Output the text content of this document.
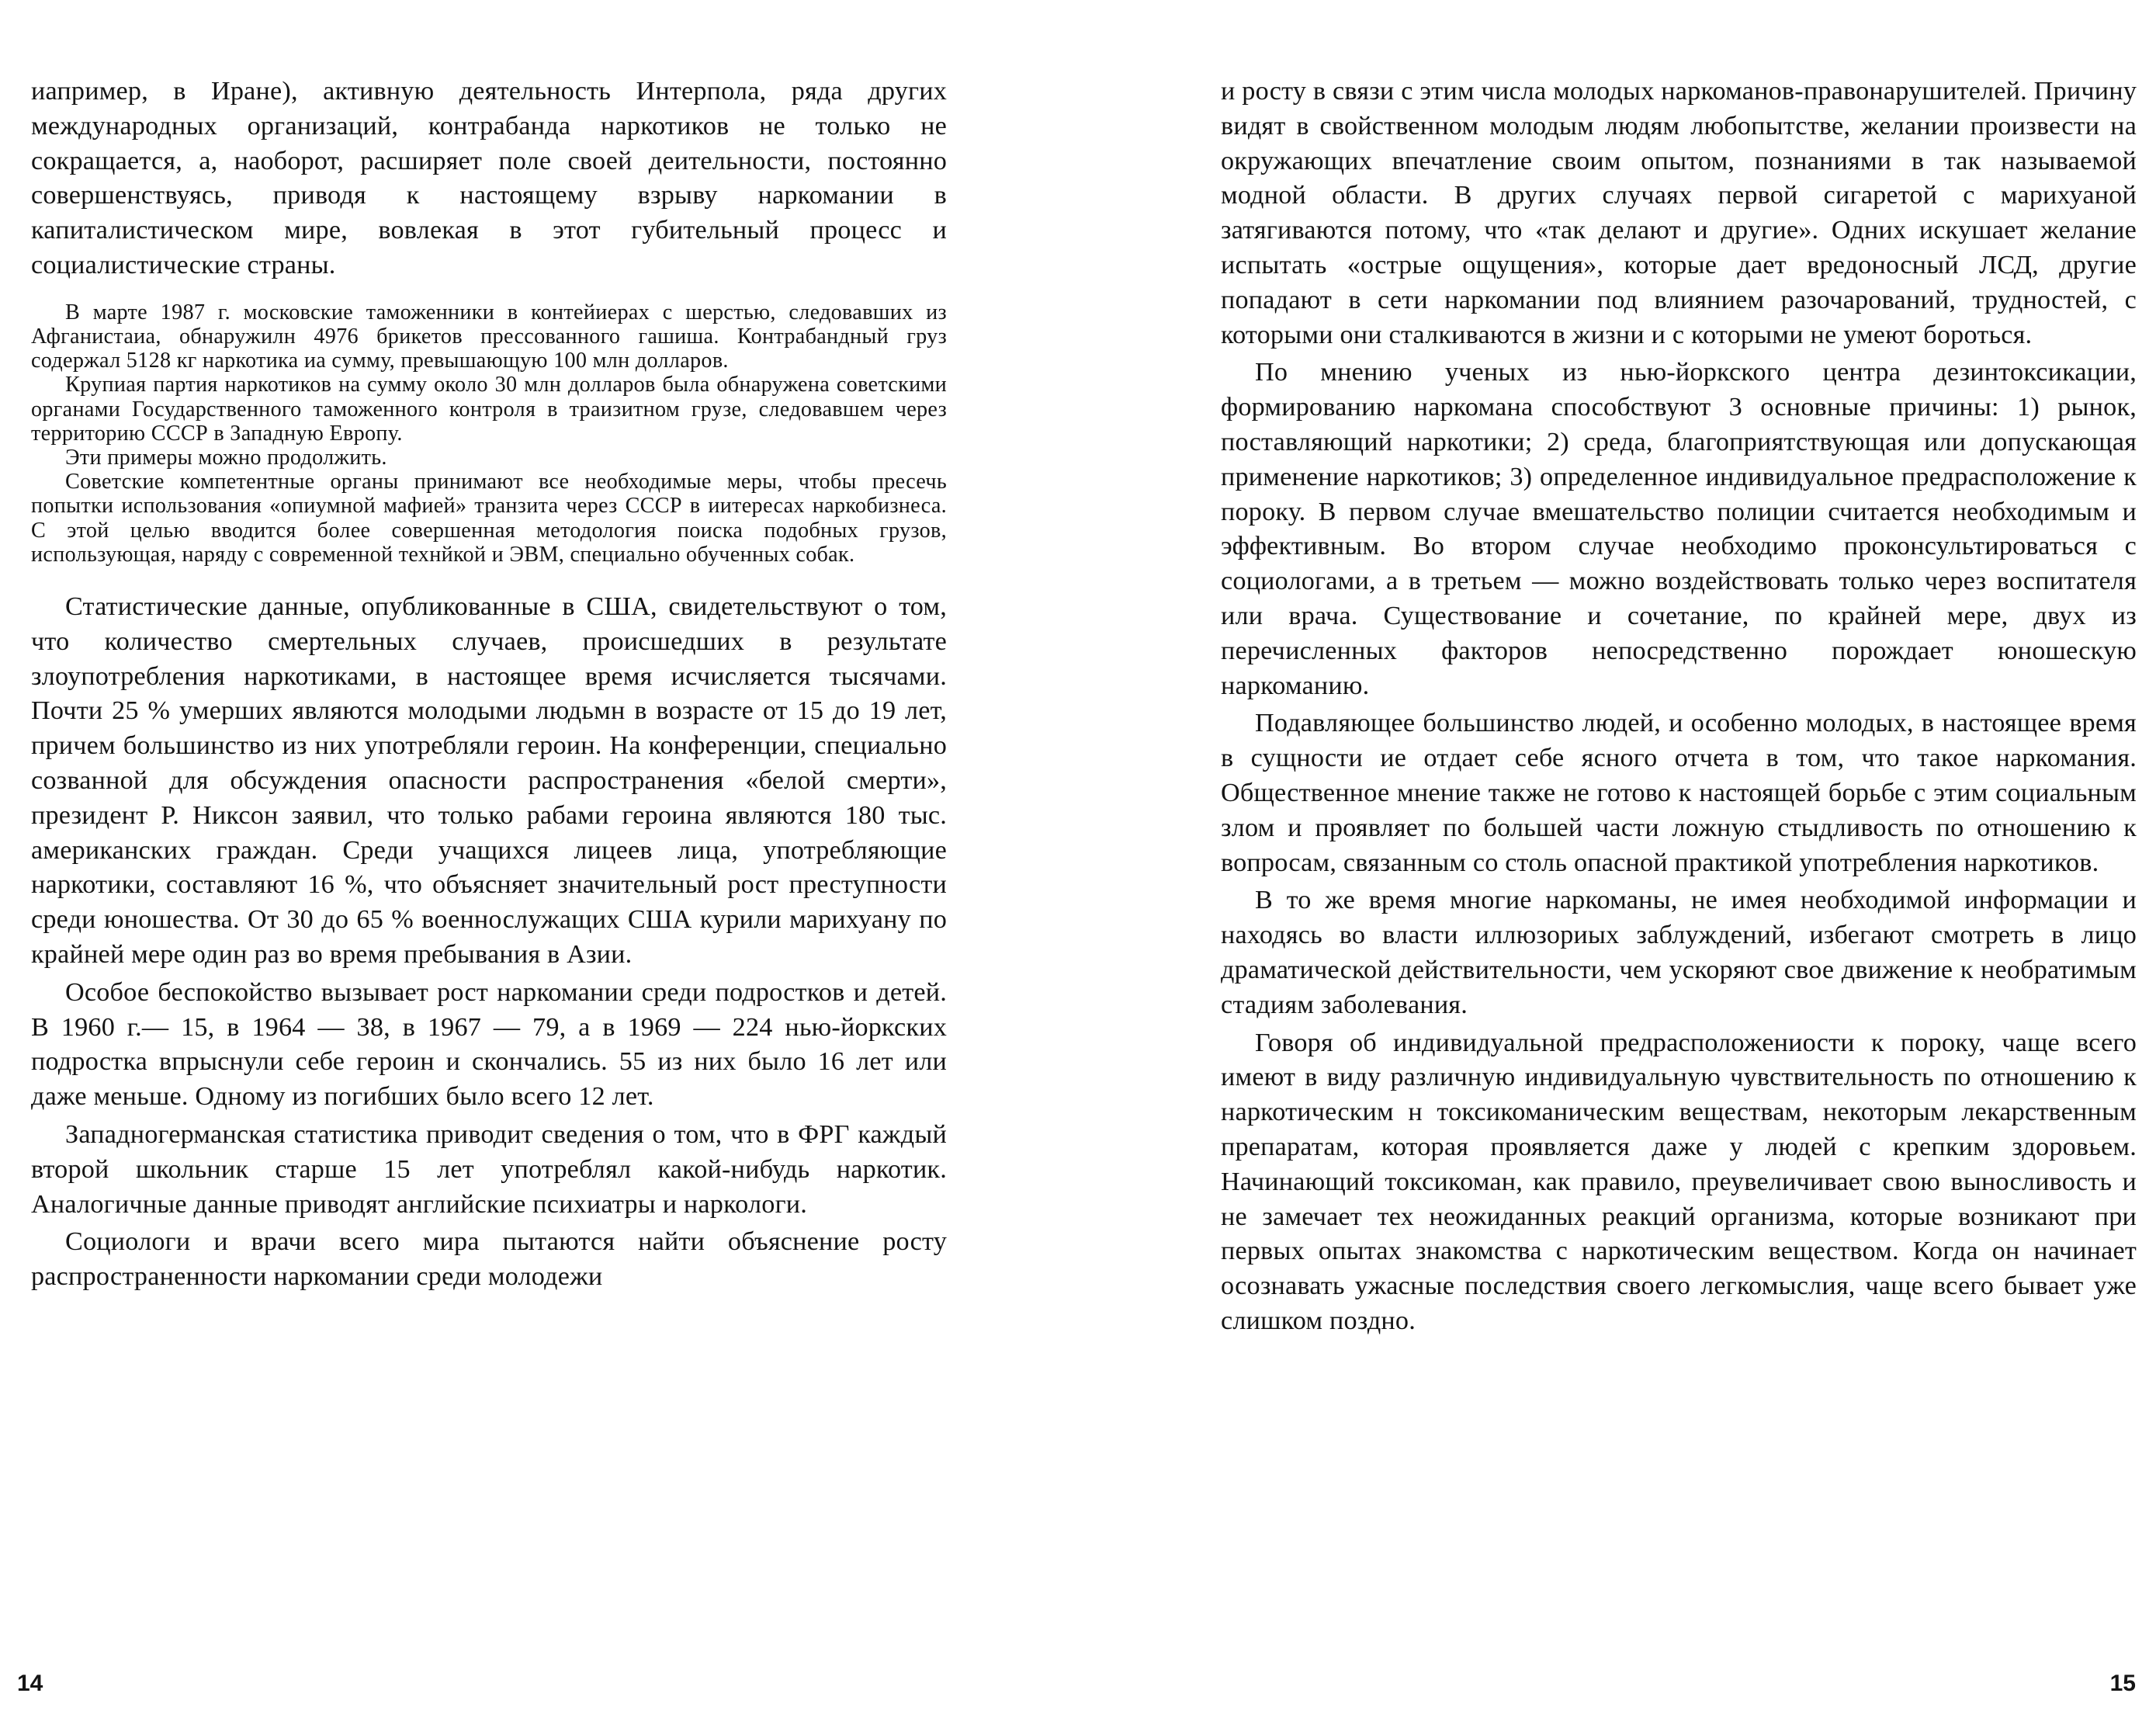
иапример, в Иране), активную деятельность Интерпола, ряда других международных организаций, контрабанда наркотиков не только не сокращается, а, наоборот, расширяет поле своей деительности, постоянно совершенствуясь, приводя к настоящему взрыву наркомании в капиталистическом мире, вовлекая в этот губительный процесс и социалистические страны.

В марте 1987 г. московские таможенники в контейиерах с шерстью, следовавших из Афганистаиа, обнаружилн 4976 брикетов прессованного гашиша. Контрабандный груз содержал 5128 кг наркотика иа сумму, превышающую 100 млн долларов.

Крупиая партия наркотиков на сумму около 30 млн долларов была обнаружена советскими органами Государственного таможенного контроля в траизитном грузе, следовавшем через территорию СССР в Западную Европу.

Эти примеры можно продолжить.

Советские компетентные органы принимают все необходимые меры, чтобы пресечь попытки использования «опиумной мафией» транзита через СССР в иитересах наркобизнеса. С этой целью вводится более совершенная методология поиска подобных грузов, использующая, наряду с современной технйкой и ЭВМ, специально обученных собак.

Статистические данные, опубликованные в США, свидетельствуют о том, что количество смертельных случаев, происшедших в результате злоупотребления наркотиками, в настоящее время исчисляется тысячами. Почти 25 % умерших являются молодыми людьмн в возрасте от 15 до 19 лет, причем большинство из них употребляли героин. На конференции, специально созванной для обсуждения опасности распространения «белой смерти», президент Р. Никсон заявил, что только рабами героина являются 180 тыс. американских граждан. Среди учащихся лицеев лица, употребляющие наркотики, составляют 16 %, что объясняет значительный рост преступности среди юношества. От 30 до 65 % военнослужащих США курили марихуану по крайней мере один раз во время пребывания в Азии.

Особое беспокойство вызывает рост наркомании среди подростков и детей. В 1960 г.— 15, в 1964 — 38, в 1967 — 79, а в 1969 — 224 нью-йоркских подростка впрыснули себе героин и скончались. 55 из них было 16 лет или даже меньше. Одному из погибших было всего 12 лет.

Западногерманская статистика приводит сведения о том, что в ФРГ каждый второй школьник старше 15 лет употреблял какой-нибудь наркотик. Аналогичные данные приводят английские психиатры и наркологи.

Социологи и врачи всего мира пытаются найти объяснение росту распространенности наркомании среди молодежи

14

и росту в связи с этим числа молодых наркоманов-правонарушителей. Причину видят в свойственном молодым людям любопытстве, желании произвести на окружающих впечатление своим опытом, познаниями в так называемой модной области. В других случаях первой сигаретой с марихуаной затягиваются потому, что «так делают и другие». Одних искушает желание испытать «острые ощущения», которые дает вредоносный ЛСД, другие попадают в сети наркомании под влиянием разочарований, трудностей, с которыми они сталкиваются в жизни и с которыми не умеют бороться.

По мнению ученых из нью-йоркского центра дезинтоксикации, формированию наркомана способствуют 3 основные причины: 1) рынок, поставляющий наркотики; 2) среда, благоприятствующая или допускающая применение наркотиков; 3) определенное индивидуальное предрасположение к пороку. В первом случае вмешательство полиции считается необходимым и эффективным. Во втором случае необходимо проконсультироваться с социологами, а в третьем — можно воздействовать только через воспитателя или врача. Существование и сочетание, по крайней мере, двух из перечисленных факторов непосредственно порождает юношескую наркоманию.

Подавляющее большинство людей, и особенно молодых, в настоящее время в сущности ие отдает себе ясного отчета в том, что такое наркомания. Общественное мнение также не готово к настоящей борьбе с этим социальным злом и проявляет по большей части ложную стыдливость по отношению к вопросам, связанным со столь опасной практикой употребления наркотиков.

В то же время многие наркоманы, не имея необходимой информации и находясь во власти иллюзориых заблуждений, избегают смотреть в лицо драматической действительности, чем ускоряют свое движение к необратимым стадиям заболевания.

Говоря об индивидуальной предрасположениости к пороку, чаще всего имеют в виду различную индивидуальную чувствительность по отношению к наркотическим н токсикоманическим веществам, некоторым лекарственным препаратам, которая проявляется даже у людей с крепким здоровьем. Начинающий токсикоман, как правило, преувеличивает свою выносливость и не замечает тех неожиданных реакций организма, которые возникают при первых опытах знакомства с наркотическим веществом. Когда он начинает осознавать ужасные последствия своего легкомыслия, чаще всего бывает уже слишком поздно.

15
